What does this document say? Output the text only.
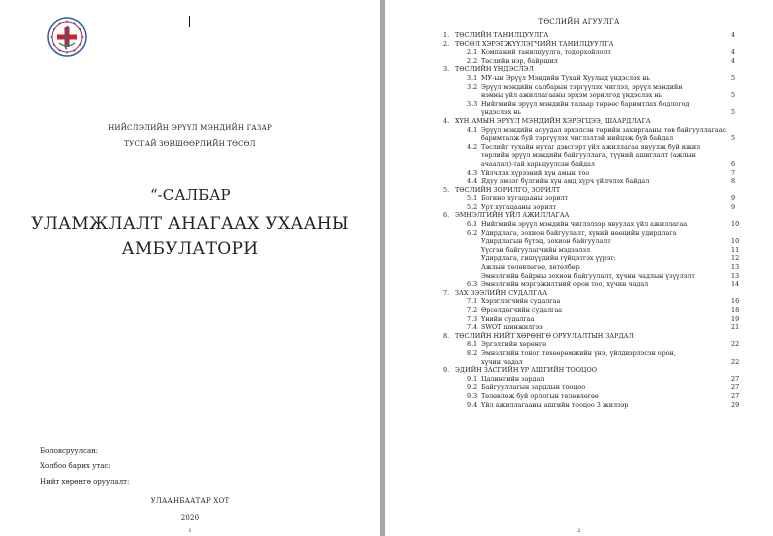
НИЙСЛЭЛИЙН ЭРҮҮЛ МЭНДИЙН ГАЗАР
ТУСГАЙ ЗӨВШӨӨРЛИЙН ТӨСӨЛ
“-САЛБАР
УЛАМЖЛАЛТ АНАГААХ УХААНЫ
АМБУЛАТОРИ
Боловсруулсан:
Холбоо барих утас:
Нийт хөрөнгө оруулалт:
УЛААНБААТАР ХОТ
2020
1
ТӨСЛИЙН АГУУЛГА
1. ТӨСЛИЙН ТАНИЛЦУУЛГА	4
2. ТӨСӨЛ ХЭРЭГЖҮҮЛЭГЧИЙН ТАНИЛЦУУЛГА
2.1 Компаний танилцуулга, тодорхойлолт	4
2.2 Төслийн нэр, байршил	4
3. ТӨСЛИЙН ҮНДЭСЛЭЛ
3.1 МУ-ын Эрүүл Мэндийн Тухай Хуулыд үндэслэх нь	5
3.2 Эрүүл мэндийн салбарын тэргүүлэх чиглэл, эрүүл мэндийн
нэмны үйл ажиллагааны эрхэм зорилгод үндэслэх нь	5
3.3 Нийгмийн эрүүл мэндийн талаар төрөөс баримтлах бодлогод
үндэслэх нь	5
4. ХҮН АМЫН ЭРҮҮЛ МЭНДИЙН ХЭРЭГЦЭЭ, ШААРДЛАГА
4.1 Эрүүл мэндийн асуудал эрхэлсэн төрийн захиргааны төв байгууллагаас
баримталж буй тэргүүлэх чиглэлтэй нийцэж буй байдал	5
4.2 Төслийг тухайн нутаг дэвсгэрт үйл ажиллагаа явуулж буй ижил
төрлийн эрүүл мэндийн байгууллага, түүний ашиглалт (ажлын
ачаалал)-тай харьцуулсан байдал	6
4.3 Үйлчлэх хүрээний хүн амын тоо	7
4.4 Ядуу эмзэг бүлгийн хүн амд хүрч үйлчлэх байдал	8
5. ТӨСЛИЙН ЗОРИЛГО, ЗОРИЛТ
5.1 Богино хугацааны зорилт	9
5.2 Урт хугацааны зорилт	9
6. ЭМНЭЛГИЙН ҮЙЛ АЖИЛЛАГАА
6.1 Нийгмийн эрүүл мэндийн чиглэлээр явуулах үйл ажиллагаа	10
6.2 Удирдлага, зохион байгуулалт, хүний нөөцийн удирдлага
Удирдлагын бүтэц, зохион байгуулалт	10
Үүсгэн байгуулагчийн мэдээлэл	11
Удирдлага, гишүүдийн гүйцэтгэх үүрэг:	12
Ажлын төлөвлөгөө, хөтөлбөр	13
Эмнэлгийн байрны зохион байгуулалт, хүчин чадлын үзүүлэлт	13
6.3 Эмнэлгийн мэргэжилтний орон тоо, хүчин чадал	14
7. ЗАХ ЗЭЭЛИЙН СУДАЛГАА
7.1 Хэрэглэгчийн судалгаа	16
7.2 Өрсөлдөгчийн судалгаа	18
7.3 Үнийн судалгаа	19
7.4 SWOT шинжилгээ	21
8. ТӨСЛИЙН НИЙТ ХӨРӨНГӨ ОРУУЛАЛТЫН ЗАРДАЛ
8.1 Эргэлтийн хөрөнгө	22
8.2 Эмнэлгийн тоног төхөөрөмжийн үнэ, үйлдвэрлэсэн орон,
хүчин чадал	22
9. ЭДИЙН ЗАСГИЙН ҮР АШГИЙН ТООЦОО
9.1 Цалингийн зардал	27
9.2 Байгууллагын зардлын тооцоо	27
9.3 Төлөвлөж буй орлогын төлөвлөгөө	27
9.4 Үйл ажиллагааны ашгийн тооцоо 3 жилээр	29
2
